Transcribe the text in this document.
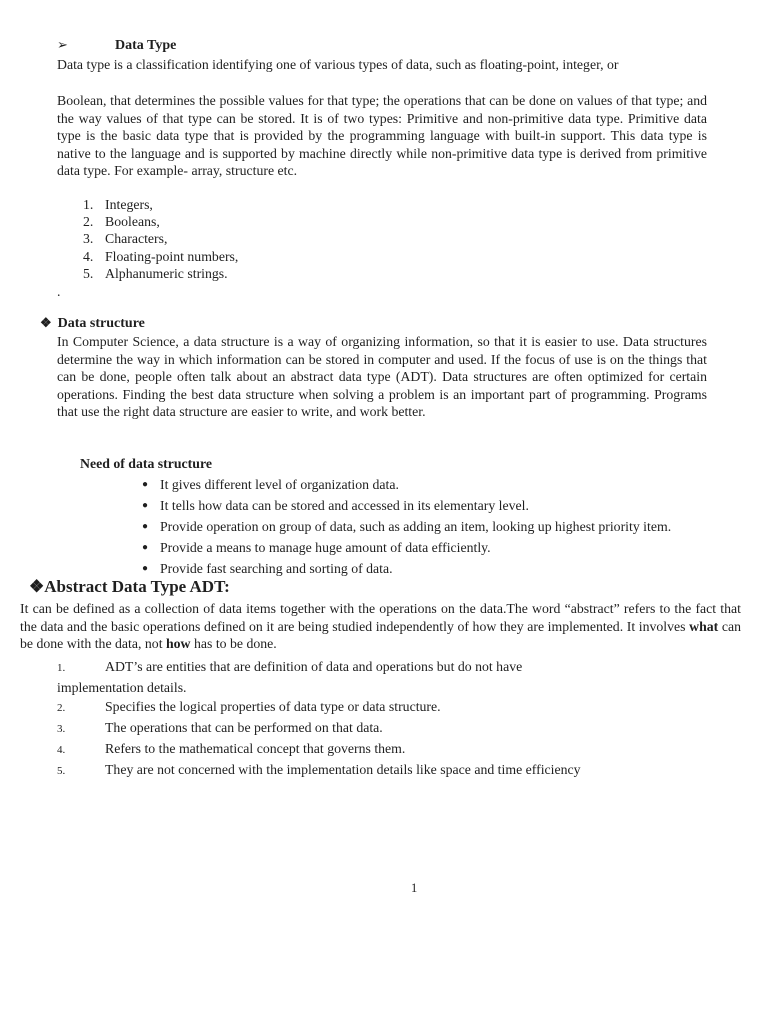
➢	Data Type
Data type is a classification identifying one of various types of data, such as floating-point, integer, or
Boolean, that determines the possible values for that type; the operations that can be done on values of that type; and the way values of that type can be stored. It is of two types: Primitive and non-primitive data type. Primitive data type is the basic data type that is provided by the programming language with built-in support. This data type is native to the language and is supported by machine directly while non-primitive data type is derived from primitive data type. For example- array, structure etc.
1. Integers,
2. Booleans,
3. Characters,
4. Floating-point numbers,
5. Alphanumeric strings.
.
❖ Data structure
In Computer Science, a data structure is a way of organizing information, so that it is easier to use. Data structures determine the way in which information can be stored in computer and used. If the focus of use is on the things that can be done, people often talk about an abstract data type (ADT). Data structures are often optimized for certain operations. Finding the best data structure when solving a problem is an important part of programming. Programs that use the right data structure are easier to write, and work better.
Need of data structure
● It gives different level of organization data.
● It tells how data can be stored and accessed in its elementary level.
● Provide operation on group of data, such as adding an item, looking up highest priority item.
● Provide a means to manage huge amount of data efficiently.
● Provide fast searching and sorting of data.
❖Abstract Data Type ADT:
It can be defined as a collection of data items together with the operations on the data.The word “abstract” refers to the fact that the data and the basic operations defined on it are being studied independently of how they are implemented. It involves what can be done with the data, not how has to be done.
1.	ADT’s are entities that are definition of data and operations but do not have
implementation details.
2.	Specifies the logical properties of data type or data structure.
3.	The operations that can be performed on that data.
4.	Refers to the mathematical concept that governs them.
5.	They are not concerned with the implementation details like space and time efficiency
1
